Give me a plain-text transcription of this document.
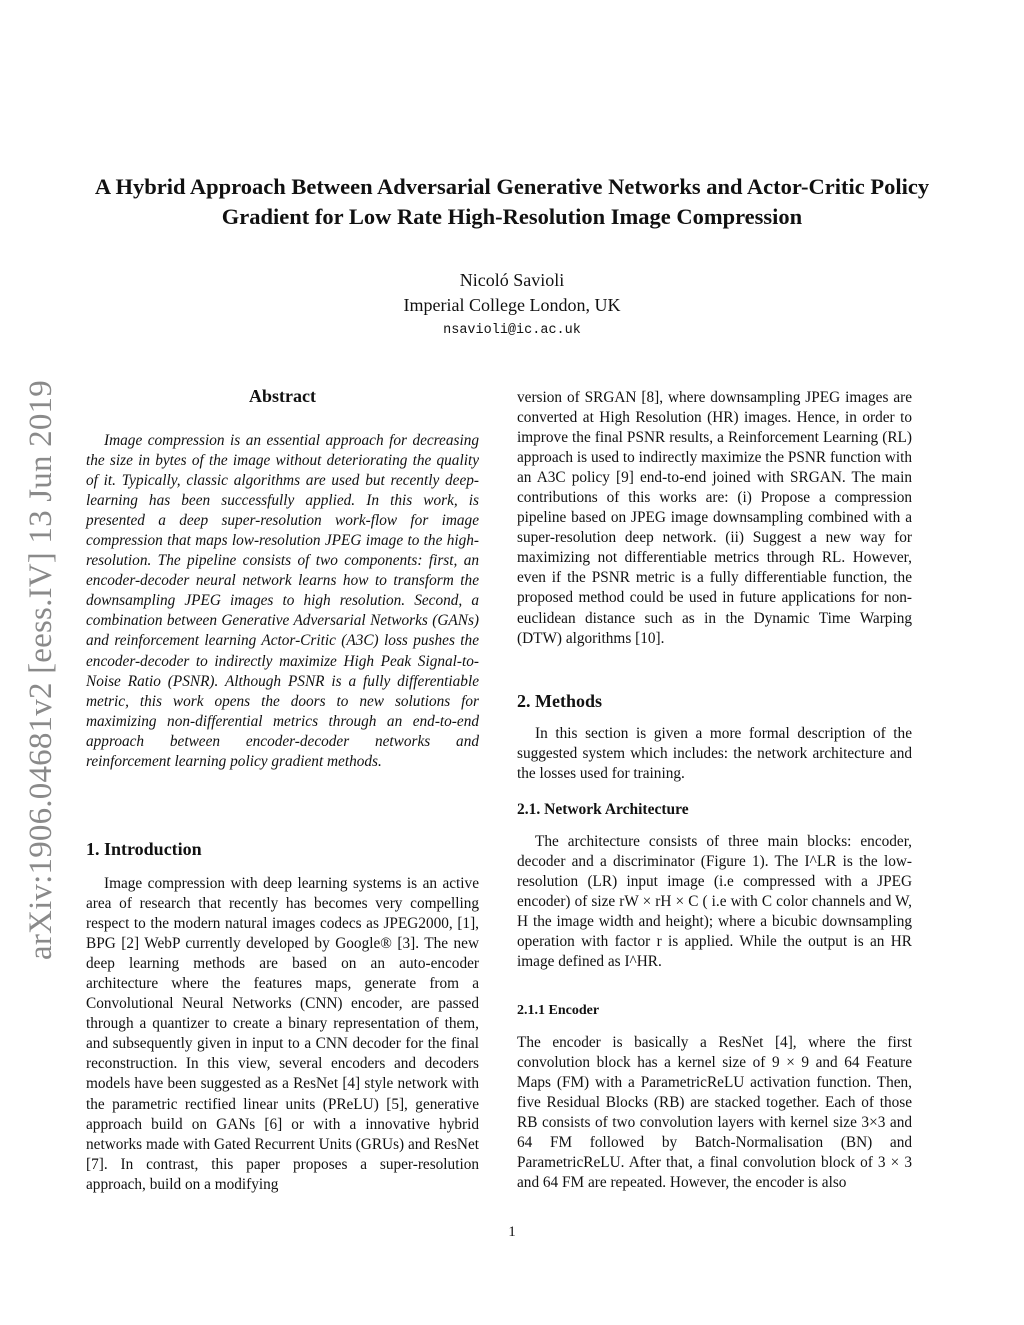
A Hybrid Approach Between Adversarial Generative Networks and Actor-Critic Policy Gradient for Low Rate High-Resolution Image Compression
Nicoló Savioli
Imperial College London, UK
nsavioli@ic.ac.uk
arXiv:1906.04681v2 [eess.IV] 13 Jun 2019	Abstract

Image compression is an essential approach for decreasing the size in bytes of the image without deteriorating the quality of it. Typically, classic algorithms are used but recently deep-learning has been successfully applied. In this work, is presented a deep super-resolution work-flow for image compression that maps low-resolution JPEG image to the high-resolution. The pipeline consists of two components: first, an encoder-decoder neural network learns how to transform the downsampling JPEG images to high resolution. Second, a combination between Generative Adversarial Networks (GANs) and reinforcement learning Actor-Critic (A3C) loss pushes the encoder-decoder to indirectly maximize High Peak Signal-to-Noise Ratio (PSNR). Although PSNR is a fully differentiable metric, this work opens the doors to new solutions for maximizing non-differential metrics through an end-to-end approach between encoder-decoder networks and reinforcement learning policy gradient methods.

1. Introduction

Image compression with deep learning systems is an active area of research that recently has becomes very compelling respect to the modern natural images codecs as JPEG2000, [1], BPG [2] WebP currently developed by Google® [3]. The new deep learning methods are based on an auto-encoder architecture where the features maps, generate from a Convolutional Neural Networks (CNN) encoder, are passed through a quantizer to create a binary representation of them, and subsequently given in input to a CNN decoder for the final reconstruction. In this view, several encoders and decoders models have been suggested as a ResNet [4] style network with the parametric rectified linear units (PReLU) [5], generative approach build on GANs [6] or with a innovative hybrid networks made with Gated Recurrent Units (GRUs) and ResNet [7]. In contrast, this paper proposes a super-resolution approach, build on a modifying

version of SRGAN [8], where downsampling JPEG images are converted at High Resolution (HR) images. Hence, in order to improve the final PSNR results, a Reinforcement Learning (RL) approach is used to indirectly maximize the PSNR function with an A3C policy [9] end-to-end joined with SRGAN. The main contributions of this works are: (i) Propose a compression pipeline based on JPEG image downsampling combined with a super-resolution deep network. (ii) Suggest a new way for maximizing not differentiable metrics through RL. However, even if the PSNR metric is a fully differentiable function, the proposed method could be used in future applications for non-euclidean distance such as in the Dynamic Time Warping (DTW) algorithms [10].

2. Methods

In this section is given a more formal description of the suggested system which includes: the network architecture and the losses used for training.

2.1. Network Architecture

The architecture consists of three main blocks: encoder, decoder and a discriminator (Figure 1). The I^LR is the low-resolution (LR) input image (i.e compressed with a JPEG encoder) of size rW × rH × C ( i.e with C color channels and W, H the image width and height); where a bicubic downsampling operation with factor r is applied. While the output is an HR image defined as I^HR.

2.1.1 Encoder

The encoder is basically a ResNet [4], where the first convolution block has a kernel size of 9 × 9 and 64 Feature Maps (FM) with a ParametricReLU activation function. Then, five Residual Blocks (RB) are stacked together. Each of those RB consists of two convolution layers with kernel size 3×3 and 64 FM followed by Batch-Normalisation (BN) and ParametricReLU. After that, a final convolution block of 3 × 3 and 64 FM are repeated. However, the encoder is also

1
